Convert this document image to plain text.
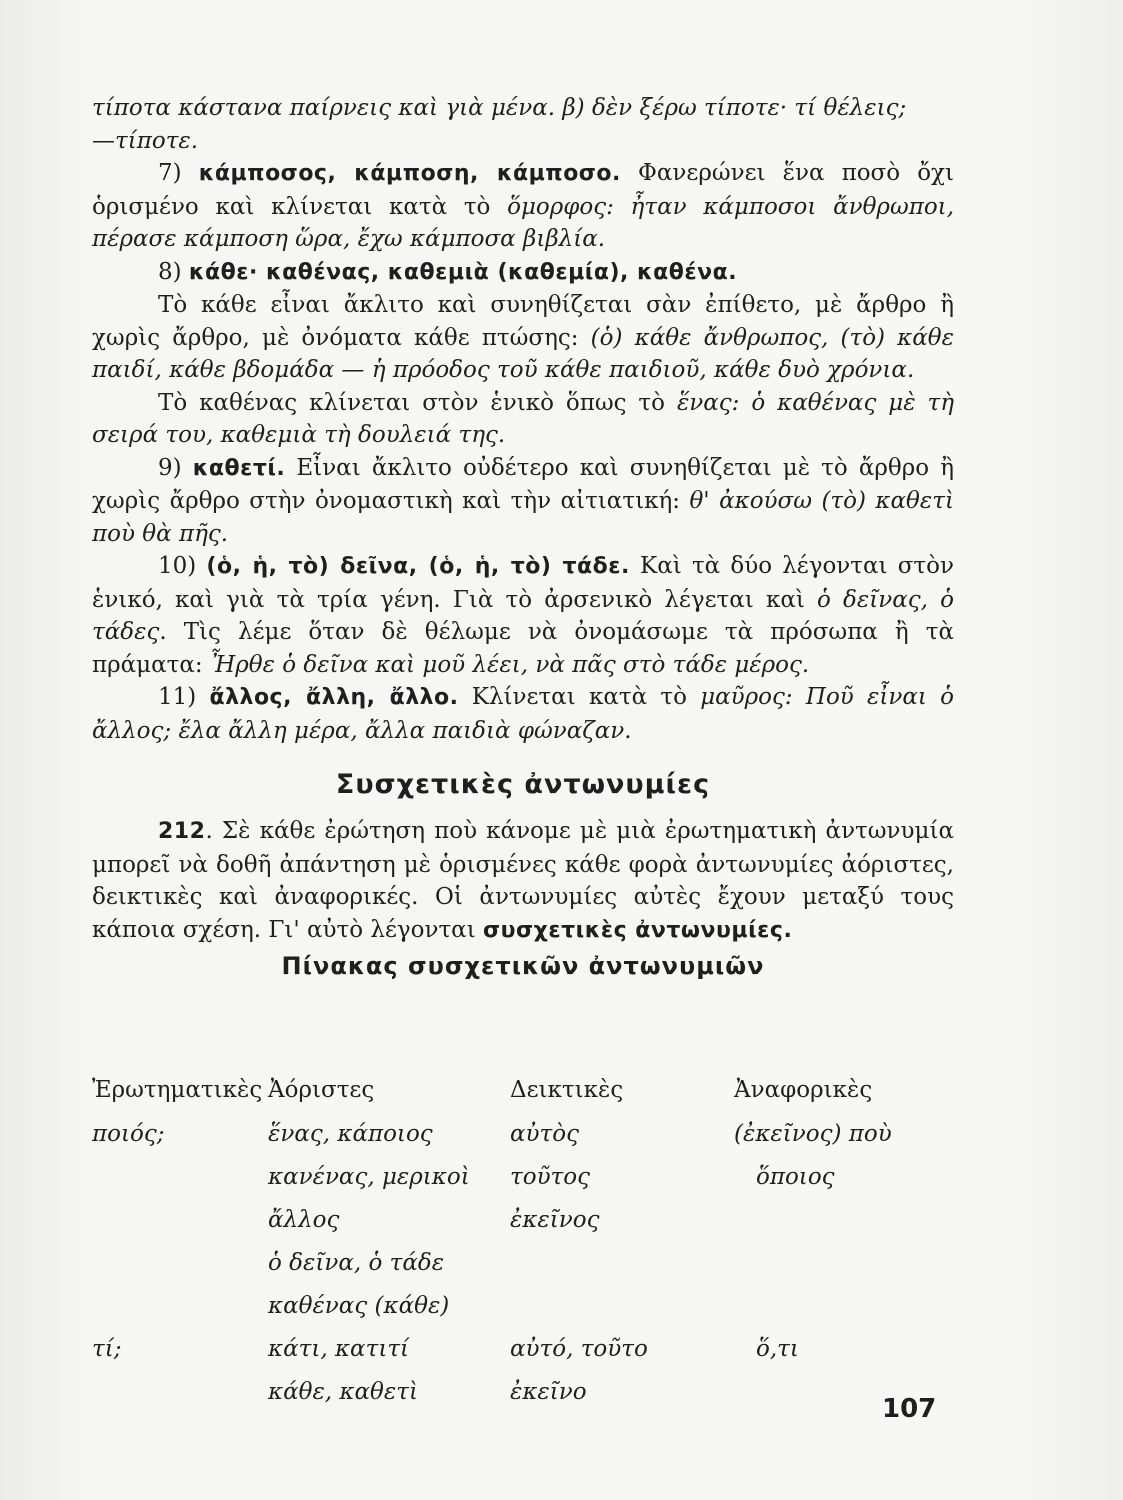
τίποτα κάστανα παίρνεις καὶ γιὰ μένα. β) δὲν ξέρω τίποτε· τί θέλεις;
—τίποτε.

7) κάμποσος, κάμποση, κάμποσο. Φανερώνει ἕνα ποσὸ ὄχι ὁρισμένο καὶ κλίνεται κατὰ τὸ ὅμορφος: ἦταν κάμποσοι ἄνθρωποι, πέρασε κάμποση ὥρα, ἔχω κάμποσα βιβλία.

8) κάθε· καθένας, καθεμιὰ (καθεμία), καθένα.

Τὸ κάθε εἶναι ἄκλιτο καὶ συνηθίζεται σὰν ἐπίθετο, μὲ ἄρθρο ἢ χωρὶς ἄρθρο, μὲ ὀνόματα κάθε πτώσης: (ὁ) κάθε ἄνθρωπος, (τὸ) κάθε παιδί, κάθε βδομάδα — ἡ πρόοδος τοῦ κάθε παιδιοῦ, κάθε δυὸ χρόνια.

Τὸ καθένας κλίνεται στὸν ἑνικὸ ὅπως τὸ ἕνας: ὁ καθένας μὲ τὴ σειρά του, καθεμιὰ τὴ δουλειά της.

9) καθετί. Εἶναι ἄκλιτο οὐδέτερο καὶ συνηθίζεται μὲ τὸ ἄρθρο ἢ χωρὶς ἄρθρο στὴν ὀνομαστικὴ καὶ τὴν αἰτιατική: θ' ἀκούσω (τὸ) καθετὶ ποὺ θὰ πῆς.

10) (ὁ, ἡ, τὸ) δεῖνα, (ὁ, ἡ, τὸ) τάδε. Καὶ τὰ δύο λέγονται στὸν ἑνικό, καὶ γιὰ τὰ τρία γένη. Γιὰ τὸ ἀρσενικὸ λέγεται καὶ ὁ δεῖνας, ὁ τάδες. Τὶς λέμε ὅταν δὲ θέλωμε νὰ ὀνομάσωμε τὰ πρόσωπα ἢ τὰ πράματα: Ἦρθε ὁ δεῖνα καὶ μοῦ λέει, νὰ πᾶς στὸ τάδε μέρος.

11) ἄλλος, ἄλλη, ἄλλο. Κλίνεται κατὰ τὸ μαῦρος: Ποῦ εἶναι ὁ ἄλλος; ἔλα ἄλλη μέρα, ἄλλα παιδιὰ φώναζαν.

Συσχετικὲς ἀντωνυμίες

212. Σὲ κάθε ἐρώτηση ποὺ κάνομε μὲ μιὰ ἐρωτηματικὴ ἀντωνυμία μπορεῖ νὰ δοθῆ ἀπάντηση μὲ ὁρισμένες κάθε φορὰ ἀντωνυμίες ἀόριστες, δεικτικὲς καὶ ἀναφορικές. Οἱ ἀντωνυμίες αὐτὲς ἔχουν μεταξύ τους κάποια σχέση. Γι' αὐτὸ λέγονται συσχετικὲς ἀντωνυμίες.

Πίνακας συσχετικῶν ἀντωνυμιῶν
Ἐρωτηματικὲς	Ἀόριστες	Δεικτικὲς	Ἀναφορικὲς
ποιός;	ἕνας, κάποιος	αὐτὸς	(ἐκεῖνος) ποὺ
	κανένας, μερικοὶ	τοῦτος	ὅποιος
	ἄλλος	ἐκεῖνος	
	ὁ δεῖνα, ὁ τάδε		
	καθένας (κάθε)		
τί;	κάτι, κατιτί	αὐτό, τοῦτο	ὅ,τι
	κάθε, καθετὶ	ἐκεῖνο	
107
